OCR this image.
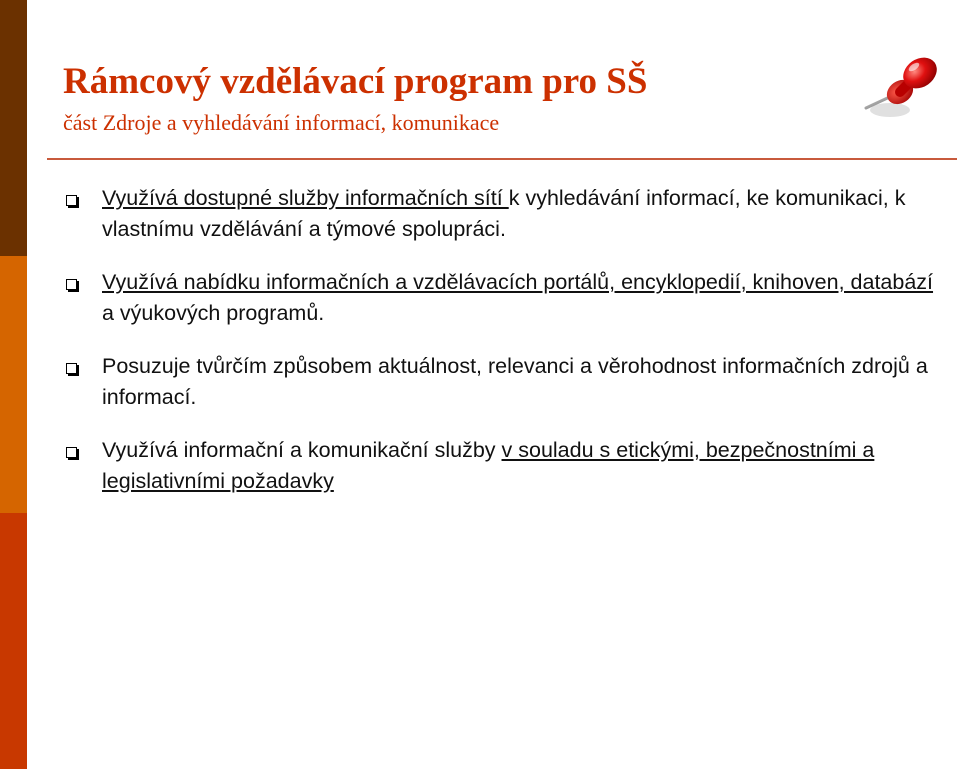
Rámcový vzdělávací program pro SŠ

část Zdroje a vyhledávání informací, komunikace

Využívá dostupné služby informačních sítí k vyhledávání informací, ke komunikaci, k vlastnímu vzdělávání a týmové spolupráci.
Využívá nabídku informačních a vzdělávacích portálů, encyklopedií, knihoven, databází a výukových programů.
Posuzuje tvůrčím způsobem aktuálnost, relevanci a věrohodnost informačních zdrojů a informací.
Využívá informační a komunikační služby v souladu s etickými, bezpečnostními a legislativními požadavky
